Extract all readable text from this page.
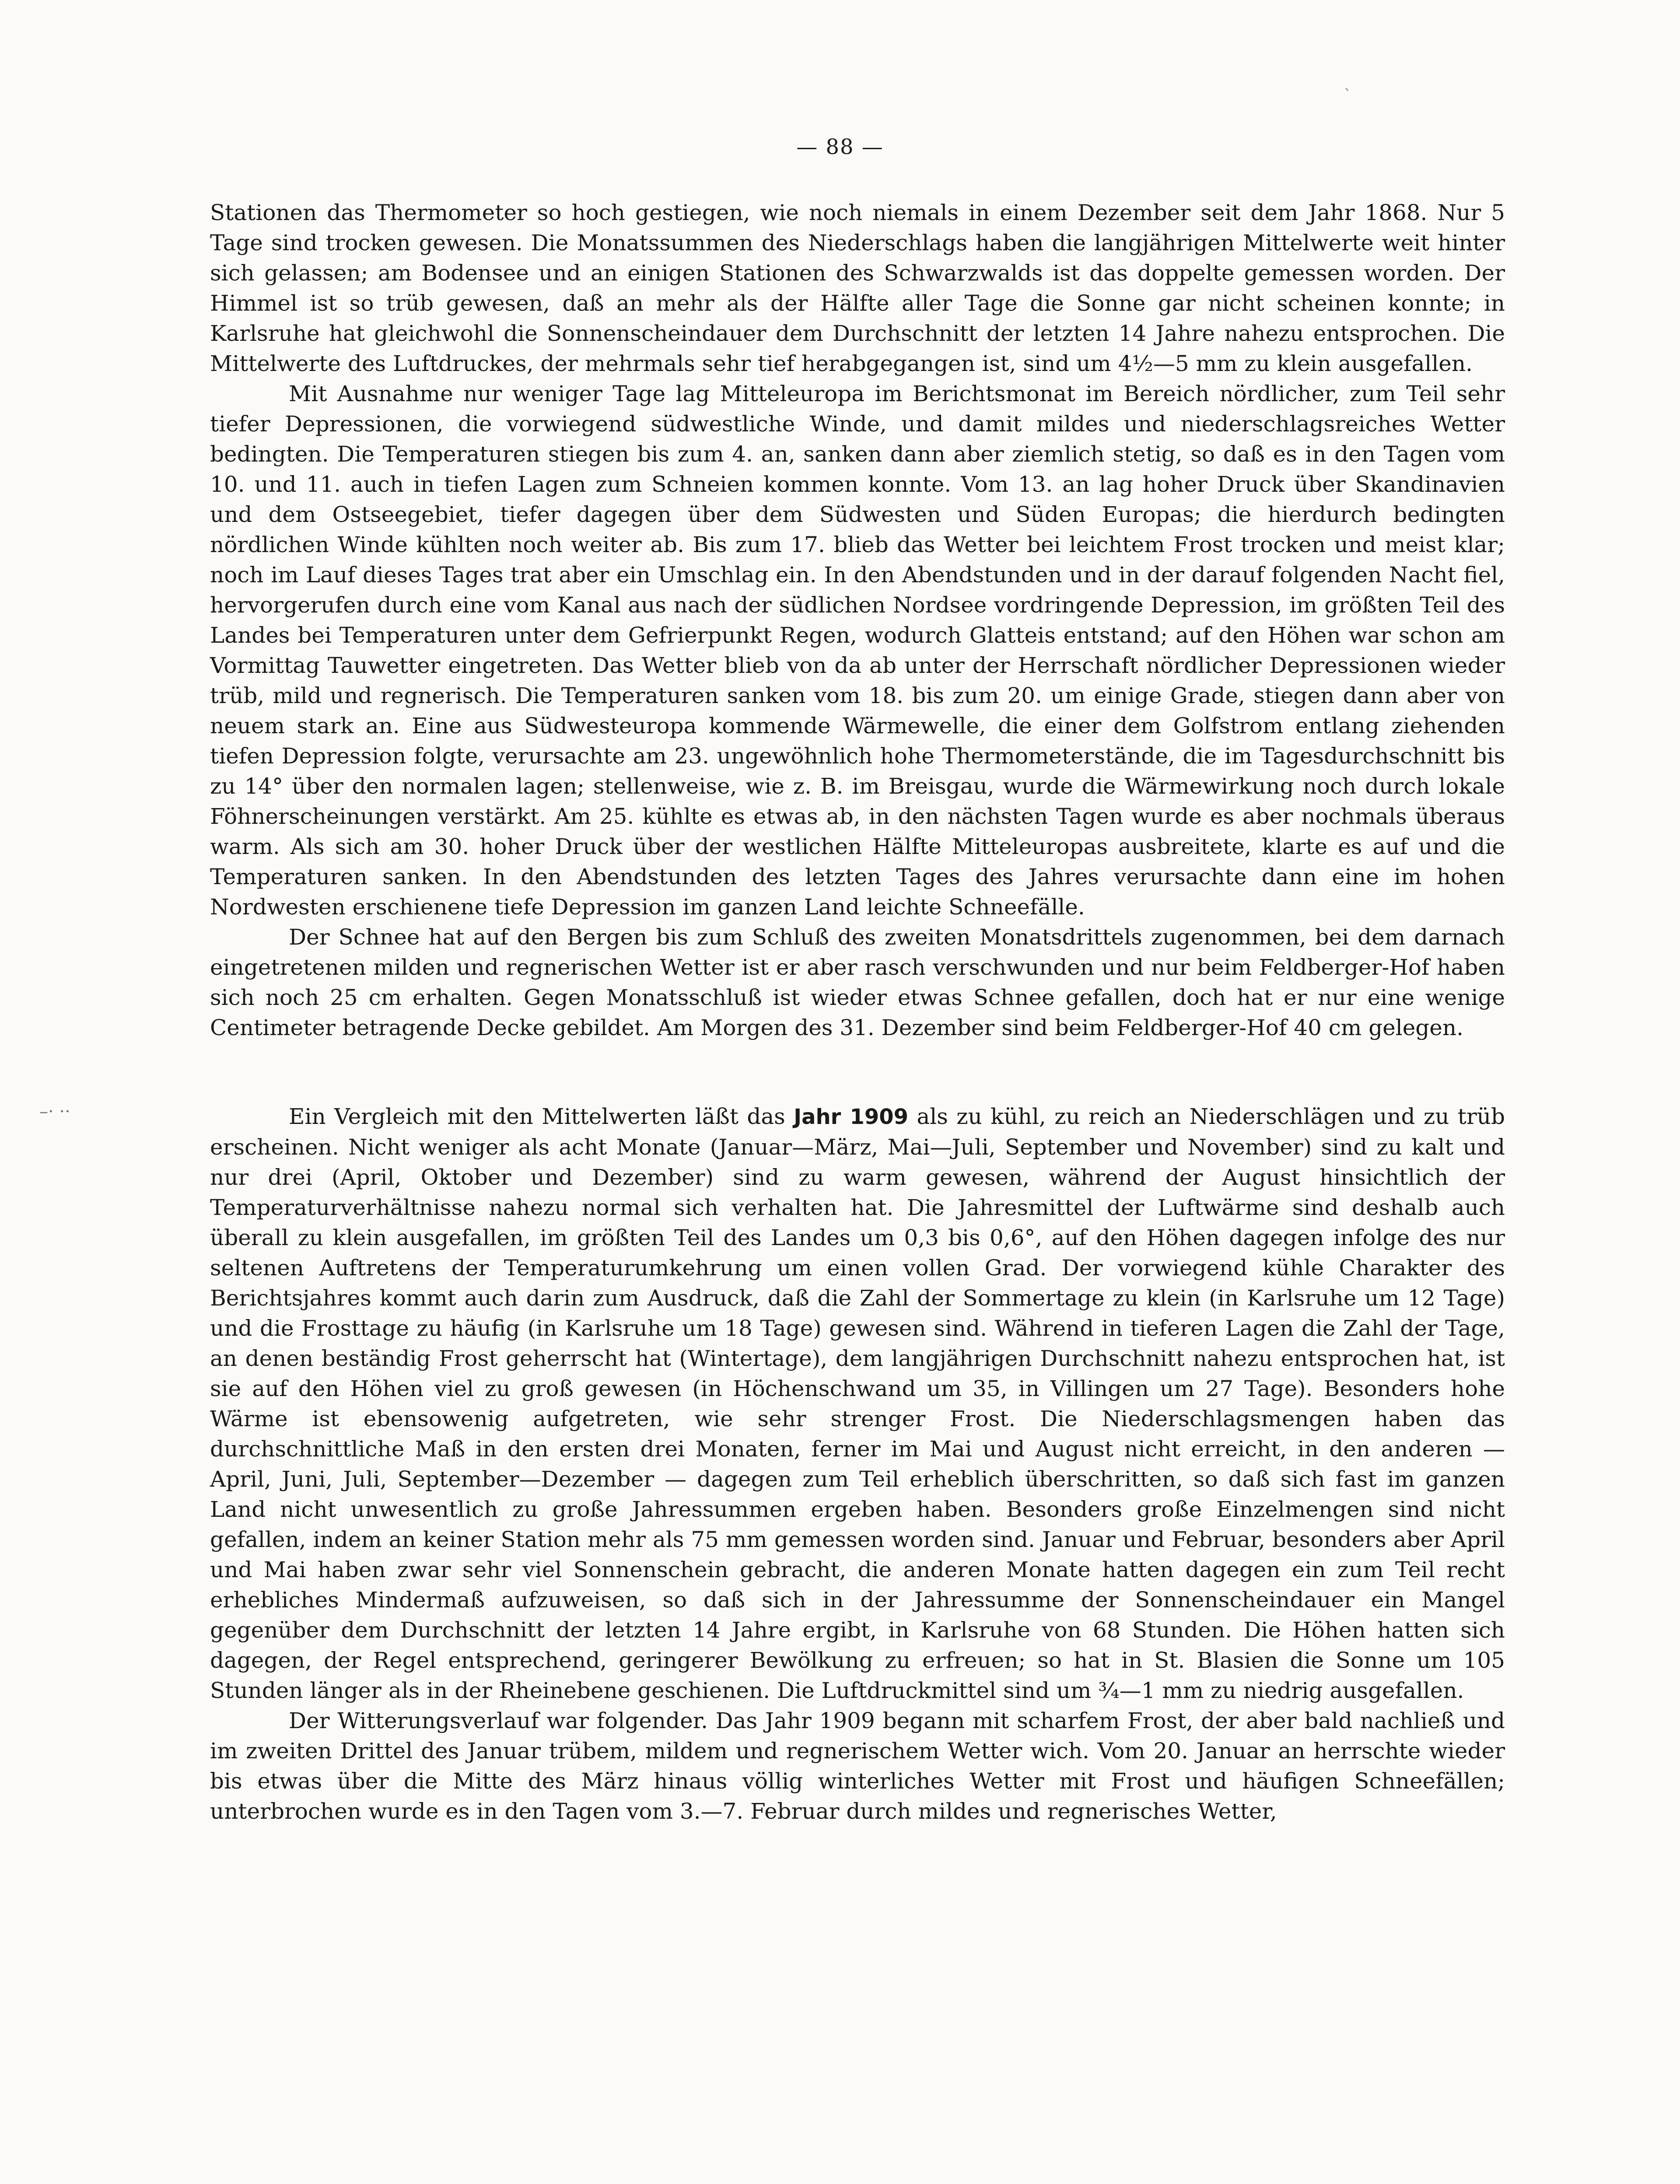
ˋ
— 88 —
–· ··

Stationen das Thermometer so hoch gestiegen, wie noch niemals in einem Dezember seit dem Jahr 1868. Nur 5 Tage sind trocken gewesen. Die Monatssummen des Niederschlags haben die langjährigen Mittelwerte weit hinter sich gelassen; am Bodensee und an einigen Stationen des Schwarzwalds ist das doppelte gemessen worden. Der Himmel ist so trüb gewesen, daß an mehr als der Hälfte aller Tage die Sonne gar nicht scheinen konnte; in Karlsruhe hat gleichwohl die Sonnenscheindauer dem Durchschnitt der letzten 14 Jahre nahezu entsprochen. Die Mittelwerte des Luftdruckes, der mehrmals sehr tief herabgegangen ist, sind um 4½—5 mm zu klein ausgefallen.

Mit Ausnahme nur weniger Tage lag Mitteleuropa im Berichtsmonat im Bereich nördlicher, zum Teil sehr tiefer Depressionen, die vorwiegend südwestliche Winde, und damit mildes und niederschlagsreiches Wetter bedingten. Die Temperaturen stiegen bis zum 4. an, sanken dann aber ziemlich stetig, so daß es in den Tagen vom 10. und 11. auch in tiefen Lagen zum Schneien kommen konnte. Vom 13. an lag hoher Druck über Skandinavien und dem Ostseegebiet, tiefer dagegen über dem Südwesten und Süden Europas; die hierdurch bedingten nördlichen Winde kühlten noch weiter ab. Bis zum 17. blieb das Wetter bei leichtem Frost trocken und meist klar; noch im Lauf dieses Tages trat aber ein Umschlag ein. In den Abendstunden und in der darauf folgenden Nacht fiel, hervorgerufen durch eine vom Kanal aus nach der südlichen Nordsee vordringende Depression, im größten Teil des Landes bei Temperaturen unter dem Gefrierpunkt Regen, wodurch Glatteis entstand; auf den Höhen war schon am Vormittag Tauwetter eingetreten. Das Wetter blieb von da ab unter der Herrschaft nördlicher Depressionen wieder trüb, mild und regnerisch. Die Temperaturen sanken vom 18. bis zum 20. um einige Grade, stiegen dann aber von neuem stark an. Eine aus Südwesteuropa kommende Wärmewelle, die einer dem Golfstrom entlang ziehenden tiefen Depression folgte, verursachte am 23. ungewöhnlich hohe Thermometerstände, die im Tagesdurchschnitt bis zu 14° über den normalen lagen; stellenweise, wie z. B. im Breisgau, wurde die Wärmewirkung noch durch lokale Föhnerscheinungen verstärkt. Am 25. kühlte es etwas ab, in den nächsten Tagen wurde es aber nochmals überaus warm. Als sich am 30. hoher Druck über der westlichen Hälfte Mitteleuropas ausbreitete, klarte es auf und die Temperaturen sanken. In den Abendstunden des letzten Tages des Jahres verursachte dann eine im hohen Nordwesten erschienene tiefe Depression im ganzen Land leichte Schneefälle.

Der Schnee hat auf den Bergen bis zum Schluß des zweiten Monatsdrittels zugenommen, bei dem darnach eingetretenen milden und regnerischen Wetter ist er aber rasch verschwunden und nur beim Feldberger-Hof haben sich noch 25 cm erhalten. Gegen Monatsschluß ist wieder etwas Schnee gefallen, doch hat er nur eine wenige Centimeter betragende Decke gebildet. Am Morgen des 31. Dezember sind beim Feldberger-Hof 40 cm gelegen.

Ein Vergleich mit den Mittelwerten läßt das Jahr 1909 als zu kühl, zu reich an Niederschlägen und zu trüb erscheinen. Nicht weniger als acht Monate (Januar—März, Mai—Juli, September und November) sind zu kalt und nur drei (April, Oktober und Dezember) sind zu warm gewesen, während der August hinsichtlich der Temperaturverhältnisse nahezu normal sich verhalten hat. Die Jahresmittel der Luftwärme sind deshalb auch überall zu klein ausgefallen, im größten Teil des Landes um 0,3 bis 0,6°, auf den Höhen dagegen infolge des nur seltenen Auftretens der Temperaturumkehrung um einen vollen Grad. Der vorwiegend kühle Charakter des Berichtsjahres kommt auch darin zum Ausdruck, daß die Zahl der Sommertage zu klein (in Karlsruhe um 12 Tage) und die Frosttage zu häufig (in Karlsruhe um 18 Tage) gewesen sind. Während in tieferen Lagen die Zahl der Tage, an denen beständig Frost geherrscht hat (Wintertage), dem langjährigen Durchschnitt nahezu entsprochen hat, ist sie auf den Höhen viel zu groß gewesen (in Höchenschwand um 35, in Villingen um 27 Tage). Besonders hohe Wärme ist ebensowenig aufgetreten, wie sehr strenger Frost. Die Niederschlagsmengen haben das durchschnittliche Maß in den ersten drei Monaten, ferner im Mai und August nicht erreicht, in den anderen — April, Juni, Juli, September—Dezember — dagegen zum Teil erheblich überschritten, so daß sich fast im ganzen Land nicht unwesentlich zu große Jahressummen ergeben haben. Besonders große Einzelmengen sind nicht gefallen, indem an keiner Station mehr als 75 mm gemessen worden sind. Januar und Februar, besonders aber April und Mai haben zwar sehr viel Sonnenschein gebracht, die anderen Monate hatten dagegen ein zum Teil recht erhebliches Mindermaß aufzuweisen, so daß sich in der Jahressumme der Sonnenscheindauer ein Mangel gegenüber dem Durchschnitt der letzten 14 Jahre ergibt, in Karlsruhe von 68 Stunden. Die Höhen hatten sich dagegen, der Regel entsprechend, geringerer Bewölkung zu erfreuen; so hat in St. Blasien die Sonne um 105 Stunden länger als in der Rheinebene geschienen. Die Luftdruckmittel sind um ¾—1 mm zu niedrig ausgefallen.

Der Witterungsverlauf war folgender. Das Jahr 1909 begann mit scharfem Frost, der aber bald nachließ und im zweiten Drittel des Januar trübem, mildem und regnerischem Wetter wich. Vom 20. Januar an herrschte wieder bis etwas über die Mitte des März hinaus völlig winterliches Wetter mit Frost und häufigen Schneefällen; unterbrochen wurde es in den Tagen vom 3.—7. Februar durch mildes und regnerisches Wetter,
